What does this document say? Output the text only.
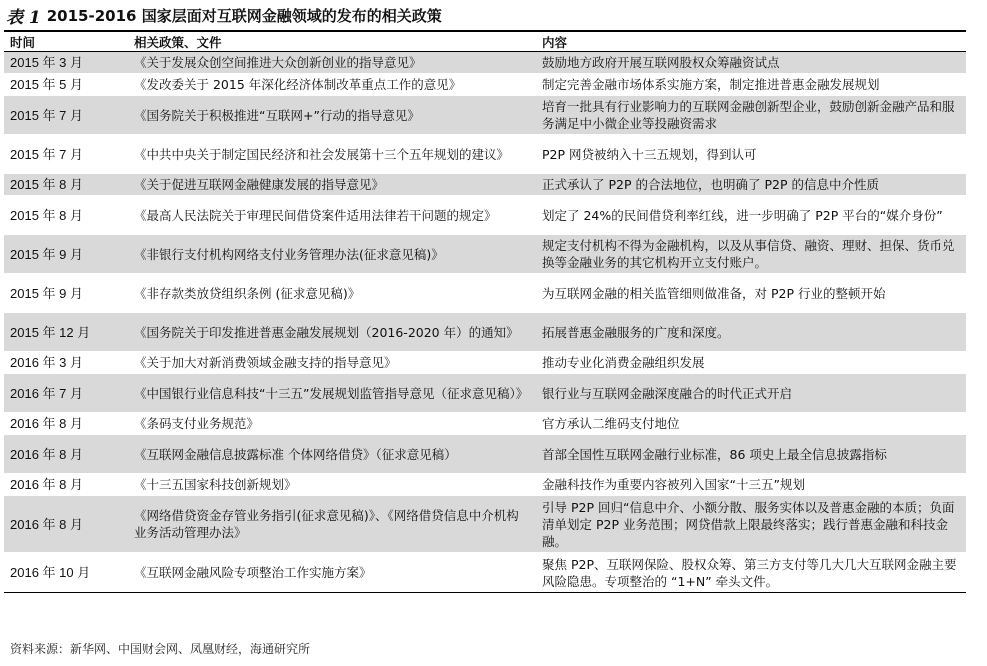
表 1 2015-2016 国家层面对互联网金融领域的发布的相关政策
时间	相关政策、文件	内容
2015 年 3 月	《关于发展众创空间推进大众创新创业的指导意见》	鼓励地方政府开展互联网股权众筹融资试点
2015 年 5 月	《发改委关于 2015 年深化经济体制改革重点工作的意见》	制定完善金融市场体系实施方案，制定推进普惠金融发展规划
2015 年 7 月	《国务院关于积极推进“互联网+”行动的指导意见》	培育一批具有行业影响力的互联网金融创新型企业，鼓励创新金融产品和服务满足中小微企业等投融资需求
2015 年 7 月	《中共中央关于制定国民经济和社会发展第十三个五年规划的建议》	P2P 网贷被纳入十三五规划，得到认可
2015 年 8 月	《关于促进互联网金融健康发展的指导意见》	正式承认了 P2P 的合法地位，也明确了 P2P 的信息中介性质
2015 年 8 月	《最高人民法院关于审理民间借贷案件适用法律若干问题的规定》	划定了 24%的民间借贷利率红线，进一步明确了 P2P 平台的“媒介身份”
2015 年 9 月	《非银行支付机构网络支付业务管理办法(征求意见稿)》	规定支付机构不得为金融机构，以及从事信贷、融资、理财、担保、货币兑换等金融业务的其它机构开立支付账户。
2015 年 9 月	《非存款类放贷组织条例 (征求意见稿)》	为互联网金融的相关监管细则做准备，对 P2P 行业的整顿开始
2015 年 12 月	《国务院关于印发推进普惠金融发展规划（2016-2020 年）的通知》	拓展普惠金融服务的广度和深度。
2016 年 3 月	《关于加大对新消费领域金融支持的指导意见》	推动专业化消费金融组织发展
2016 年 7 月	《中国银行业信息科技“十三五”发展规划监管指导意见（征求意见稿）》	银行业与互联网金融深度融合的时代正式开启
2016 年 8 月	《条码支付业务规范》	官方承认二维码支付地位
2016 年 8 月	《互联网金融信息披露标准 个体网络借贷》（征求意见稿）	首部全国性互联网金融行业标准，86 项史上最全信息披露指标
2016 年 8 月	《十三五国家科技创新规划》	金融科技作为重要内容被列入国家“十三五”规划
2016 年 8 月	《网络借贷资金存管业务指引(征求意见稿)》、《网络借贷信息中介机构业务活动管理办法》	引导 P2P 回归“信息中介、小额分散、服务实体以及普惠金融的本质；负面清单划定 P2P 业务范围；网贷借款上限最终落实；践行普惠金融和科技金融。
2016 年 10 月	《互联网金融风险专项整治工作实施方案》	聚焦 P2P、互联网保险、股权众筹、第三方支付等几大几大互联网金融主要风险隐患。专项整治的 “1+N” 牵头文件。
资料来源：新华网、中国财会网、凤凰财经，海通研究所
